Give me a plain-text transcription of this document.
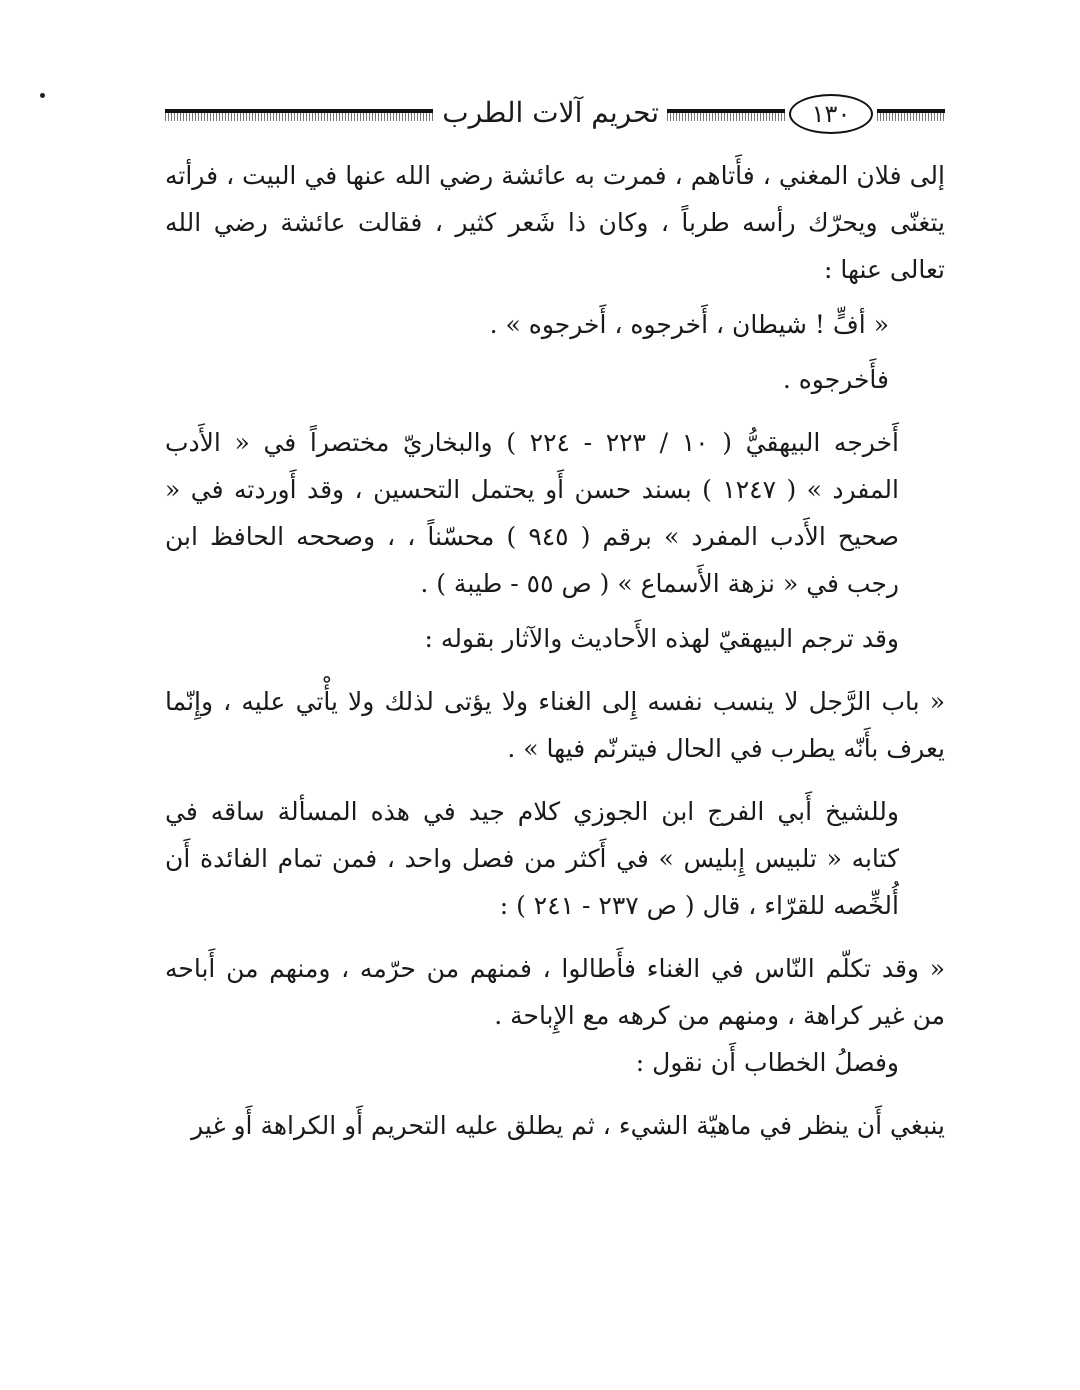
تحريم آلات الطرب	١٣٠

إلى فلان المغني ، فأَتاهم ، فمرت به عائشة رضي الله عنها في البيت ، فرأته يتغنّى ويحرّك رأسه طرباً ، وكان ذا شَعر كثير ، فقالت عائشة رضي الله تعالى عنها :

« أفٍّ ! شيطان ، أَخرجوه ، أَخرجوه » .

فأَخرجوه .

أَخرجه البيهقيُّ ( ١٠ / ٢٢٣ - ٢٢٤ ) والبخاريّ مختصراً في « الأَدب المفرد » ( ١٢٤٧ ) بسند حسن أَو يحتمل التحسين ، وقد أَوردته في « صحيح الأَدب المفرد » برقم ( ٩٤٥ ) محسّناً ، ، وصححه الحافظ ابن رجب في « نزهة الأَسماع » ( ص ٥٥ - طيبة ) .

وقد ترجم البيهقيّ لهذه الأَحاديث والآثار بقوله :

« باب الرَّجل لا ينسب نفسه إِلى الغناء ولا يؤتى لذلك ولا يأْتي عليه ، وإِنّما يعرف بأَنّه يطرب في الحال فيترنّم فيها » .

وللشيخ أَبي الفرج ابن الجوزي كلام جيد في هذه المسألة ساقه في كتابه « تلبيس إِبليس » في أَكثر من فصل واحد ، فمن تمام الفائدة أَن أُلخِّصه للقرّاء ، قال ( ص ٢٣٧ - ٢٤١ ) :

« وقد تكلّم النّاس في الغناء فأَطالوا ، فمنهم من حرّمه ، ومنهم من أَباحه من غير كراهة ، ومنهم من كرهه مع الإِباحة .

وفصلُ الخطاب أَن نقول :

ينبغي أَن ينظر في ماهيّة الشيء ، ثم يطلق عليه التحريم أَو الكراهة أَو غير
